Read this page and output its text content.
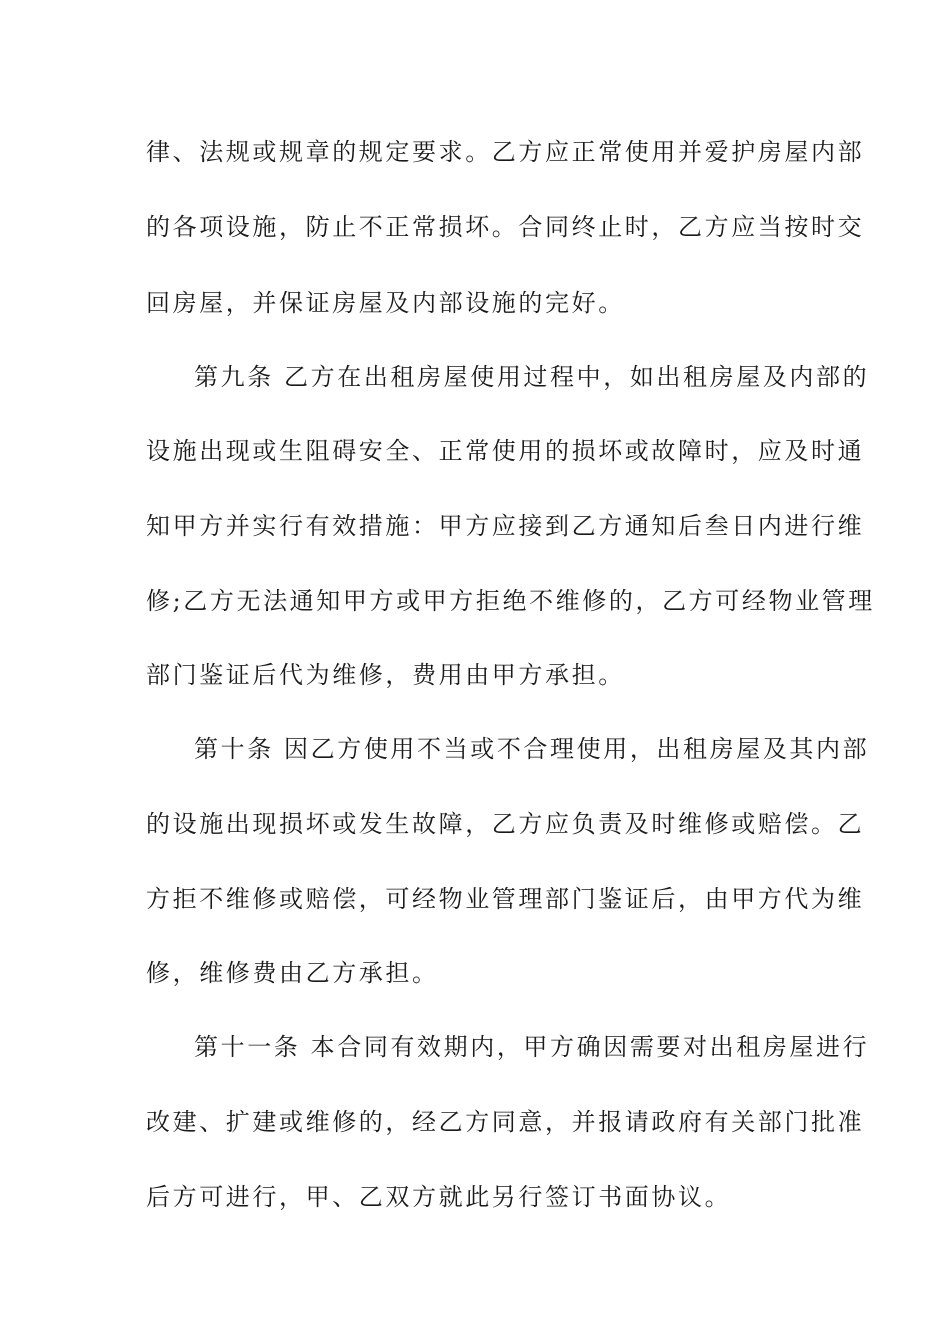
律、法规或规章的规定要求。乙方应正常使用并爱护房屋内部
的各项设施，防止不正常损坏。合同终止时，乙方应当按时交
回房屋，并保证房屋及内部设施的完好。
第九条 乙方在出租房屋使用过程中，如出租房屋及内部的
设施出现或生阻碍安全、正常使用的损坏或故障时，应及时通
知甲方并实行有效措施：甲方应接到乙方通知后叁日内进行维
修;乙方无法通知甲方或甲方拒绝不维修的，乙方可经物业管理
部门鉴证后代为维修，费用由甲方承担。
第十条 因乙方使用不当或不合理使用，出租房屋及其内部
的设施出现损坏或发生故障，乙方应负责及时维修或赔偿。乙
方拒不维修或赔偿，可经物业管理部门鉴证后，由甲方代为维
修，维修费由乙方承担。
第十一条 本合同有效期内，甲方确因需要对出租房屋进行
改建、扩建或维修的，经乙方同意，并报请政府有关部门批准
后方可进行，甲、乙双方就此另行签订书面协议。
